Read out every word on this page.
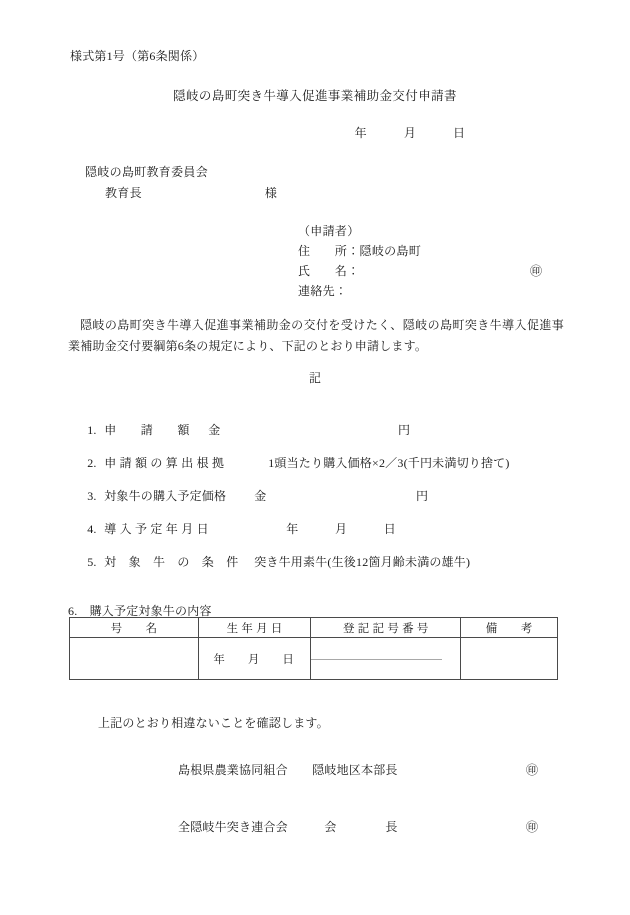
様式第1号（第6条関係）
隠岐の島町突き牛導入促進事業補助金交付申請書
年　　　月　　　日
隠岐の島町教育委員会
教育長　　　　　　　　　　	様
（申請者）
住　　所：隠岐の島町
氏　　名：	㊞
連絡先：
隠岐の島町突き牛導入促進事業補助金の交付を受けたく、隠岐の島町突き牛導入促進事業補助金交付要綱第6条の規定により、下記のとおり申請します。
記

1. 申　　請　　額 金	円

2. 申 請 額 の 算 出 根 拠	1頭当たり購入価格×2／3(千円未満切り捨て)

3. 対象牛の購入予定価格 金	円

4. 導 入 予 定 年 月 日	年　　　月　　　日

5. 対　象　牛　の　条　件 突き牛用素牛(生後12箇月齢未満の雄牛)

6.　購入予定対象牛の内容
号　　名	生 年 月 日	登 記 記 号 番 号	備　　考
	年　　月　　日	

上記のとおり相違ないことを確認します。
島根県農業協同組合　　隠岐地区本部長	㊞
全隠岐牛突き連合会　　　会　　　　長	㊞
